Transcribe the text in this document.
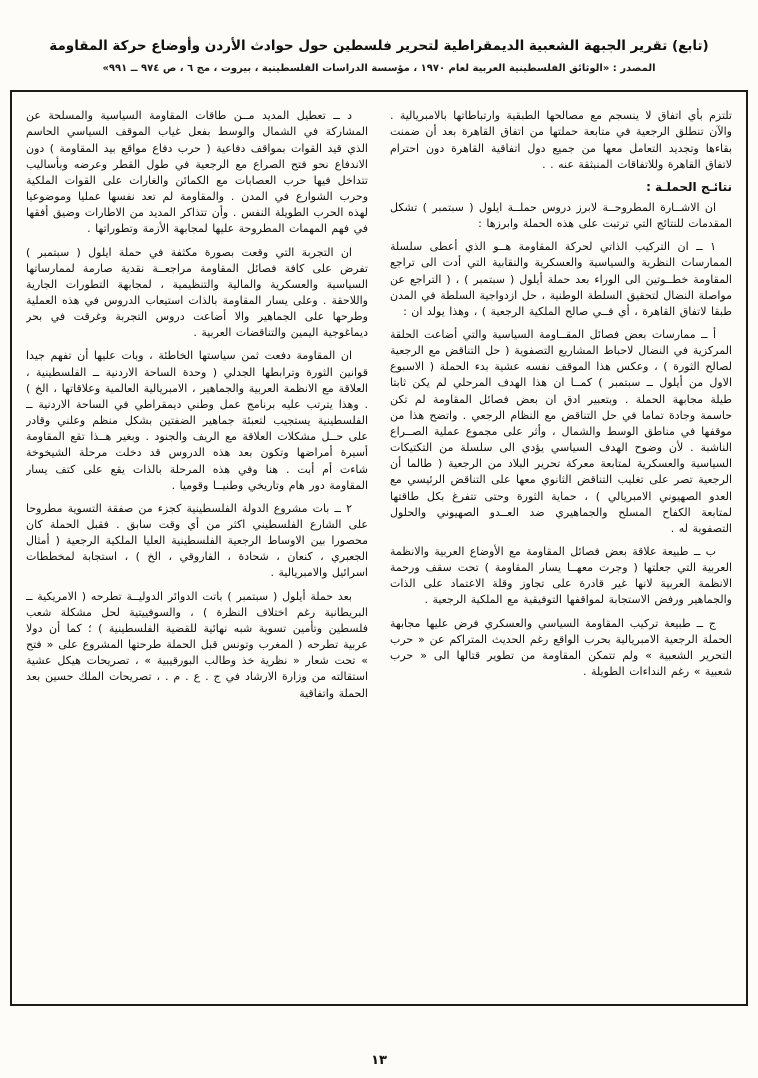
(تابع) تقرير الجبهة الشعبية الديمقراطية لتحرير فلسطين حول حوادث الأردن وأوضاع حركة المقاومة
المصدر : «الوثائق الفلسطينية العربية لعام ١٩٧٠ ، مؤسسة الدراسات الفلسطينية ، بيروت ، مج ٦ ، ص ٩٧٤ ــ ٩٩١»

تلتزم بأي اتفاق لا ينسجم مع مصالحها الطبقية وارتباطاتها بالامبريالية . والآن تنطلق الرجعية في متابعة حملتها من اتفاق القاهرة بعد أن ضمنت بقاءها وتجديد التعامل معها من جميع دول اتفاقية القاهرة دون احترام لاتفاق القاهرة وللاتفاقات المنبثقة عنه . .

نتائـج الحملـة :

ان الاشــارة المطروحــة لابرز دروس حملــة ايلول ( سبتمبر ) تشكل المقدمات للنتائج التي ترتبت على هذه الحملة وابرزها :

١ ــ ان التركيب الذاتي لحركة المقاومة هــو الذي أعطى سلسلة الممارسات النظرية والسياسية والعسكرية والنقابية التي أدت الى تراجع المقاومة خطــوتين الى الوراء بعد حملة أيلول ( سبتمبر ) ، ( التراجع عن مواصلة النضال لتحقيق السلطة الوطنية ، حل ازدواجية السلطة في المدن طبقا لاتفاق القاهرة ، أي فــي صالح الملكية الرجعية ) ، وهذا يولد ان :

أ ــ ممارسات بعض فصائل المقــاومة السياسية والتي أضاعت الحلقة المركزية في النضال لاحباط المشاريع التصفوية ( حل التناقض مع الرجعية لصالح الثورة ) ، وعكس هذا الموقف نفسه عشية بدء الحملة ( الاسبوع الاول من أيلول ــ سبتمبر ) كمــا ان هذا الهدف المرحلي لم يكن ثابتا طيلة مجابهة الحملة . وبتعبير ادق ان بعض فصائل المقاومة لم تكن حاسمة وجادة تماما في حل التناقض مع النظام الرجعي . واتضح هذا من موقفها في مناطق الوسط والشمال ، وأثر على مجموع عملية الصــراع الناشبة . لأن وضوح الهدف السياسي يؤدي الى سلسلة من التكتيكات السياسية والعسكرية لمتابعة معركة تحرير البلاد من الرجعية ( طالما أن الرجعية تصر على تغليب التناقض الثانوي معها على التناقض الرئيسي مع العدو الصهيوني الامبريالي ) ، حماية الثورة وحتى تتفرغ بكل طاقتها لمتابعة الكفاح المسلح والجماهيري ضد العــدو الصهيوني والحلول التصفوية له .

ب ــ طبيعة علاقة بعض فصائل المقاومة مع الأوضاع العربية والانظمة العربية التي جعلتها ( وجرت معهــا يسار المقاومة ) تحت سقف ورحمة الانظمة العربية لانها غير قادرة على تجاوز وقلة الاعتماد على الذات والجماهير ورفض الاستجابة لمواقفها التوفيقية مع الملكية الرجعية .

ج ــ طبيعة تركيب المقاومة السياسي والعسكري فرض عليها مجابهة الحملة الرجعية الامبريالية بحرب الواقع رغم الحديث المتراكم عن « حرب التحرير الشعبية » ولم تتمكن المقاومة من تطوير قتالها الى « حرب شعبية » رغم النداءات الطويلة .

د ــ تعطيل المديد مــن طاقات المقاومة السياسية والمسلحة عن المشاركة في الشمال والوسط بفعل غياب الموقف السياسي الحاسم الذي قيد القوات بمواقف دفاعية ( حرب دفاع مواقع بيد المقاومة ) دون الاندفاع نحو فتح الصراع مع الرجعية في طول القطر وعرضه وبأساليب تتداخل فيها حرب العصابات مع الكمائن والغارات على القوات الملكية وحرب الشوارع في المدن . والمقاومة لم تعد نفسها عمليا وموضوعيا لهذه الحرب الطويلة النفس . وأن تتذاكر المديد من الاطارات وضيق أفقها في فهم المهمات المطروحة عليها لمجابهة الأزمة وتطوراتها .

ان التجربة التي وقعت بصورة مكثفة في حملة ايلول ( سبتمبر ) تفرض على كافة فصائل المقاومة مراجعــة نقدية صارمة لممارساتها السياسية والعسكرية والمالية والتنظيمية ، لمجابهة التطورات الجارية واللاحقة . وعلى يسار المقاومة بالذات استيعاب الدروس في هذه العملية وطرحها على الجماهير والا أضاعت دروس التجربة وغرقت في بحر ديماغوجية اليمين والتناقضات العربية .

ان المقاومة دفعت ثمن سياستها الخاطئة ، وبات عليها أن تفهم جيدا قوانين الثورة وترابطها الجدلي ( وحدة الساحة الاردنية ــ الفلسطينية ، العلاقة مع الانظمة العربية والجماهير ، الامبريالية العالمية وعلاقاتها ، الخ ) . وهذا يترتب عليه برنامج عمل وطني ديمقراطي في الساحة الاردنية ــ الفلسطينية يستجيب لتعبئة جماهير الضفتين بشكل منظم وعلني وقادر على حــل مشكلات العلاقة مع الريف والجنود . وبغير هــذا تقع المقاومة أسيرة أمراضها وتكون بعد هذه الدروس قد دخلت مرحلة الشيخوخة شاءت أم أبت . هنا وفي هذه المرحلة بالذات يقع على كتف يسار المقاومة دور هام وتاريخي وطنيــا وقوميا .

٢ ــ بات مشروع الدولة الفلسطينية كجزء من صفقة التسوية مطروحا على الشارع الفلسطيني اكثر من أي وقت سابق . فقبل الحملة كان محصورا بين الاوساط الرجعية الفلسطينية العليا الملكية الرجعية ( أمثال الجعبري ، كنعان ، شحادة ، الفاروقي ، الخ ) ، استجابة لمخططات اسرائيل والامبريالية .

بعد حملة أيلول ( سبتمبر ) باتت الدوائر الدوليــة تطرحه ( الامريكية ــ البريطانية رغم اختلاف النظرة ) ، والسوفييتية لحل مشكلة شعب فلسطين وتأمين تسوية شبه نهائية للقضية الفلسطينية ) ؛ كما أن دولا عربية تطرحه ( المغرب وتونس قبل الحملة طرحتها المشروع على « فتح » تحت شعار « نظرية خذ وطالب البورقيبية » ، تصريحات هيكل عشية استقالته من وزارة الارشاد في ج . ع . م . ، تصريحات الملك حسين بعد الحملة واتفاقية

١٣
